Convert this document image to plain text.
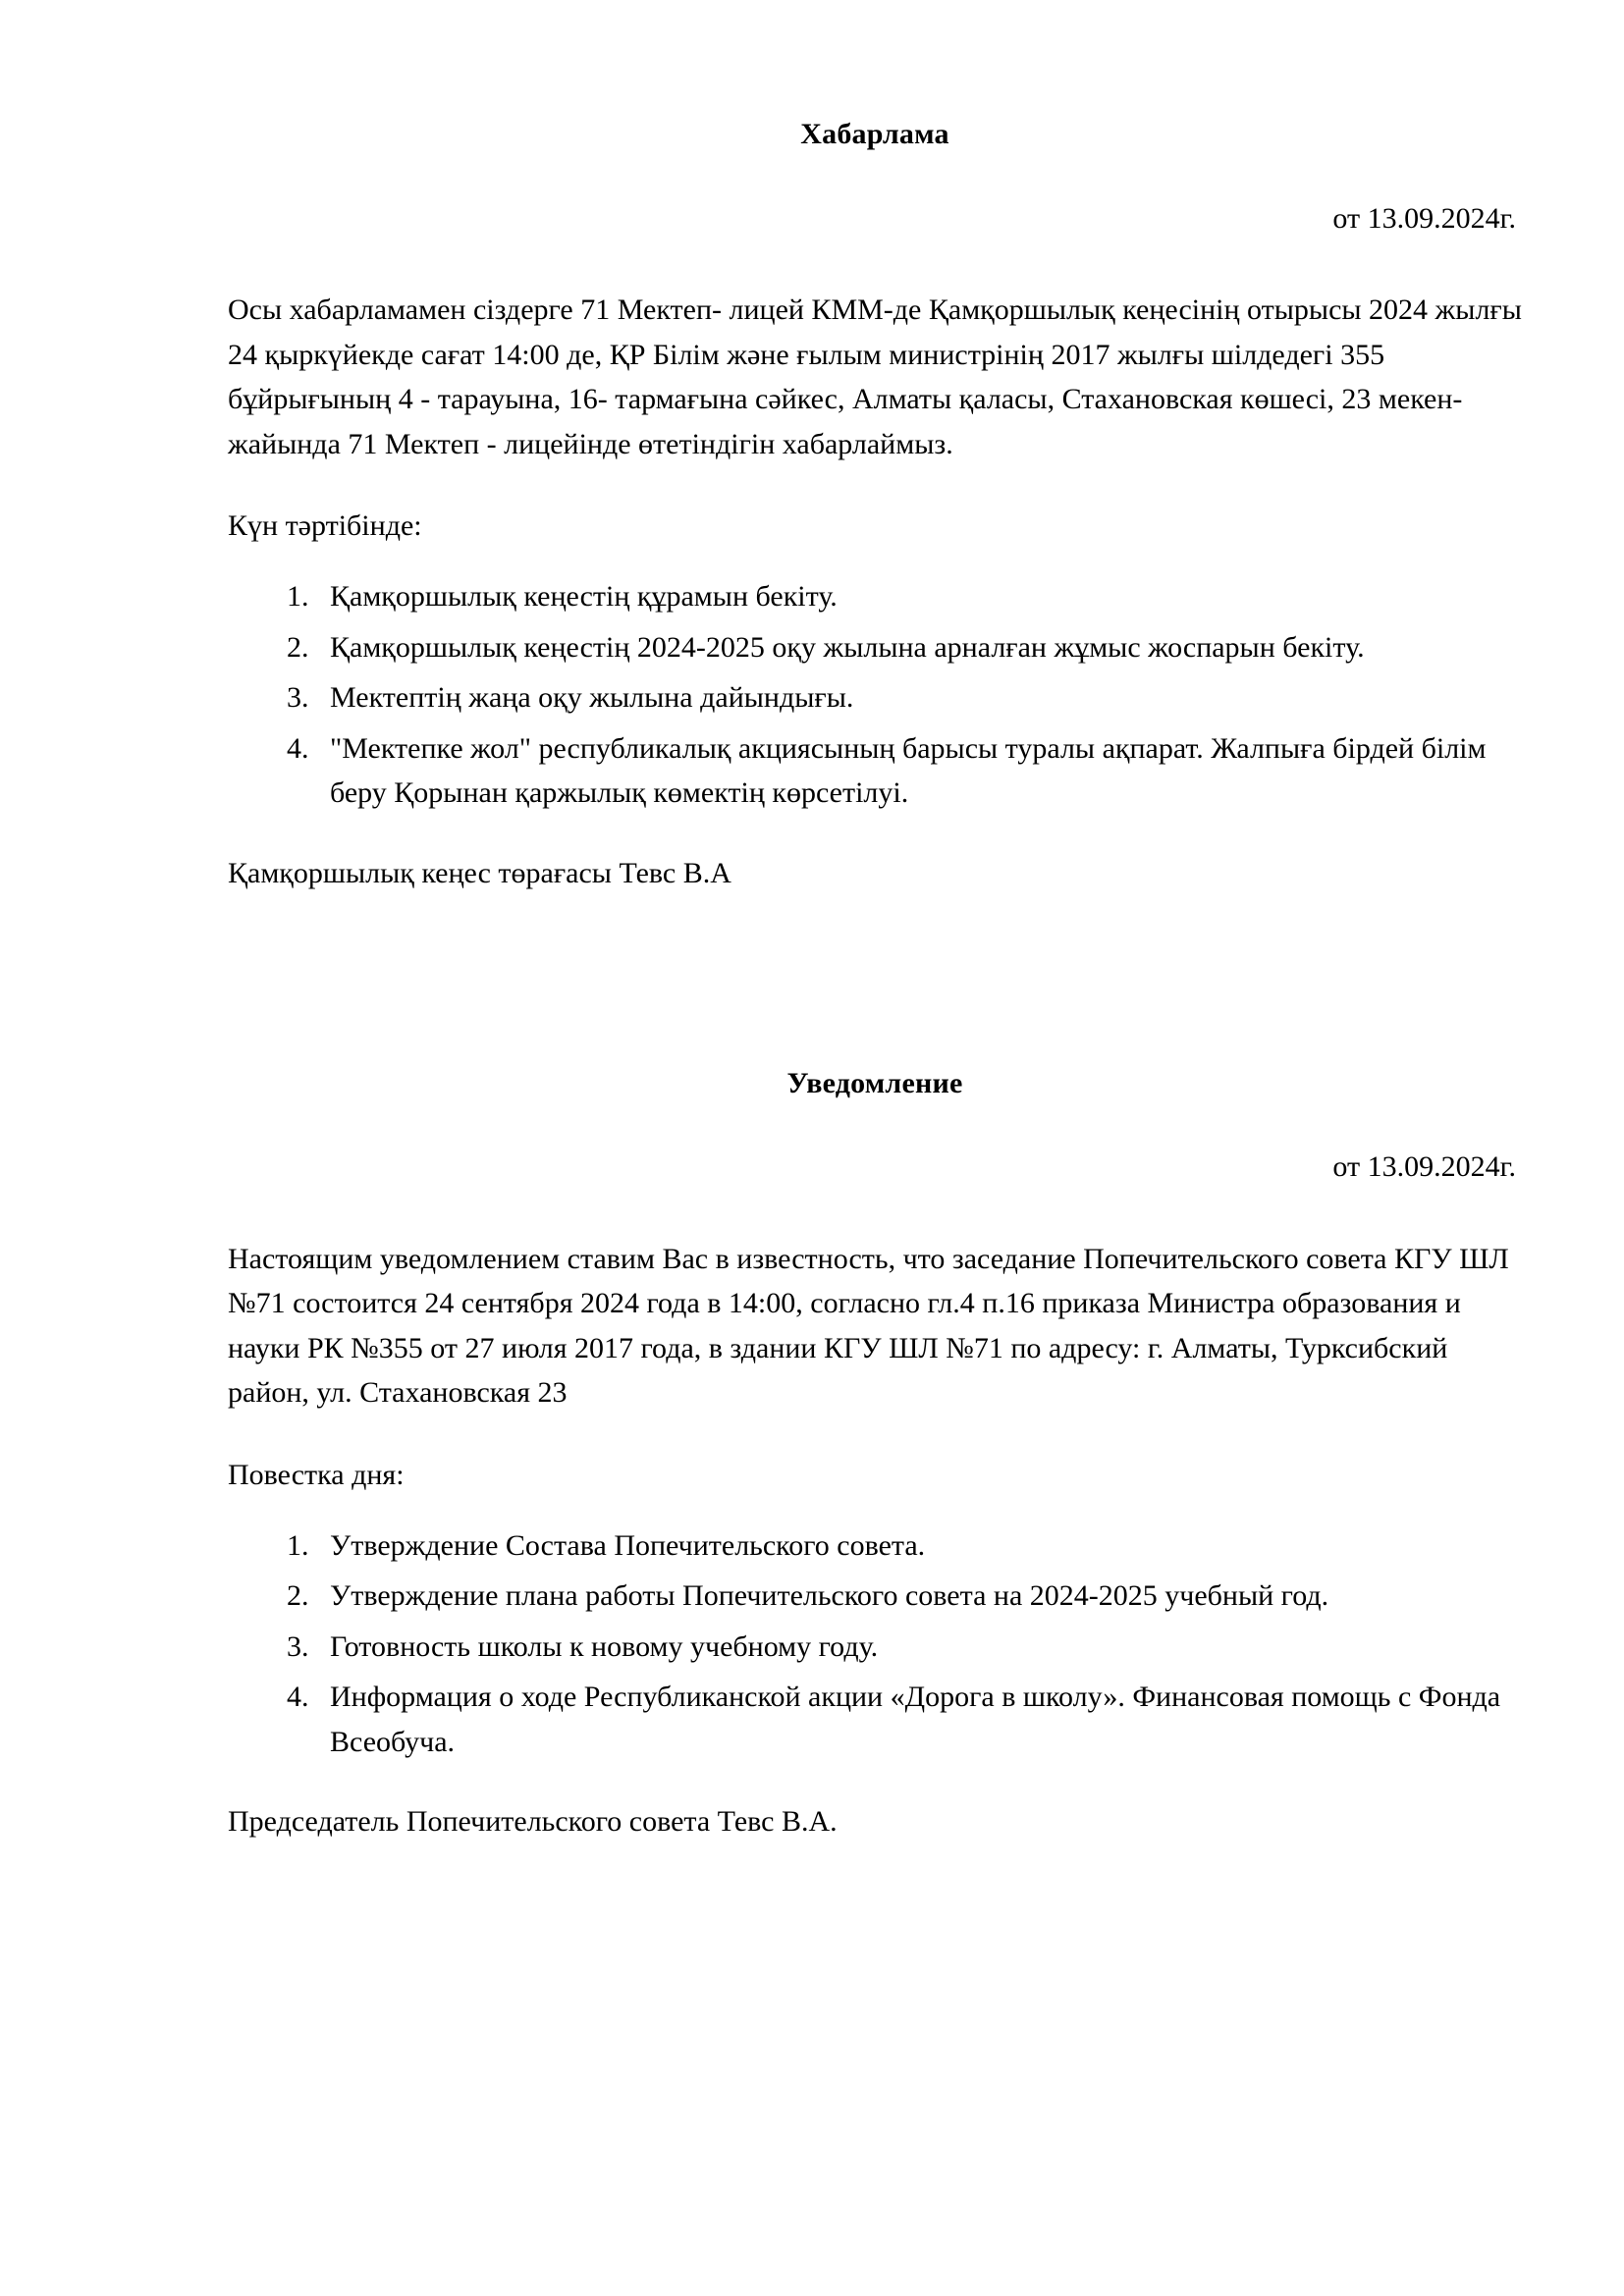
Хабарлама

от 13.09.2024г.

Осы хабарламамен сіздерге 71 Мектеп- лицей КММ-де Қамқоршылық кеңесінің отырысы 2024 жылғы 24 қыркүйекде сағат 14:00 де, ҚР Білім және ғылым министрінің 2017 жылғы шілдедегі 355 бұйрығының 4 - тарауына, 16- тармағына сәйкес, Алматы қаласы, Стахановская көшесі, 23 мекен- жайында 71 Мектеп - лицейінде өтетіндігін хабарлаймыз.

Күн тәртібінде:

1. Қамқоршылық кеңестің құрамын бекіту.
2. Қамқоршылық кеңестің 2024-2025 оқу жылына арналған жұмыс жоспарын бекіту.
3. Мектептің жаңа оқу жылына дайындығы.
4. "Мектепке жол" республикалық акциясының барысы туралы ақпарат. Жалпыға бірдей білім беру Қорынан қаржылық көмектің көрсетілуі.

Қамқоршылық кеңес төрағасы Тевс В.А

Уведомление

от 13.09.2024г.

Настоящим уведомлением ставим Вас в известность, что заседание Попечительского совета КГУ ШЛ №71 состоится 24 сентября 2024 года в 14:00, согласно гл.4 п.16 приказа Министра образования и науки РК №355 от 27 июля 2017 года, в здании КГУ ШЛ №71 по адресу: г. Алматы, Турксибский район, ул. Стахановская 23

Повестка дня:

1. Утверждение Состава Попечительского совета.
2. Утверждение плана работы Попечительского совета на 2024-2025 учебный год.
3. Готовность школы к новому учебному году.
4. Информация о ходе Республиканской акции «Дорога в школу». Финансовая помощь с Фонда Всеобуча.

Председатель Попечительского совета Тевс В.А.
